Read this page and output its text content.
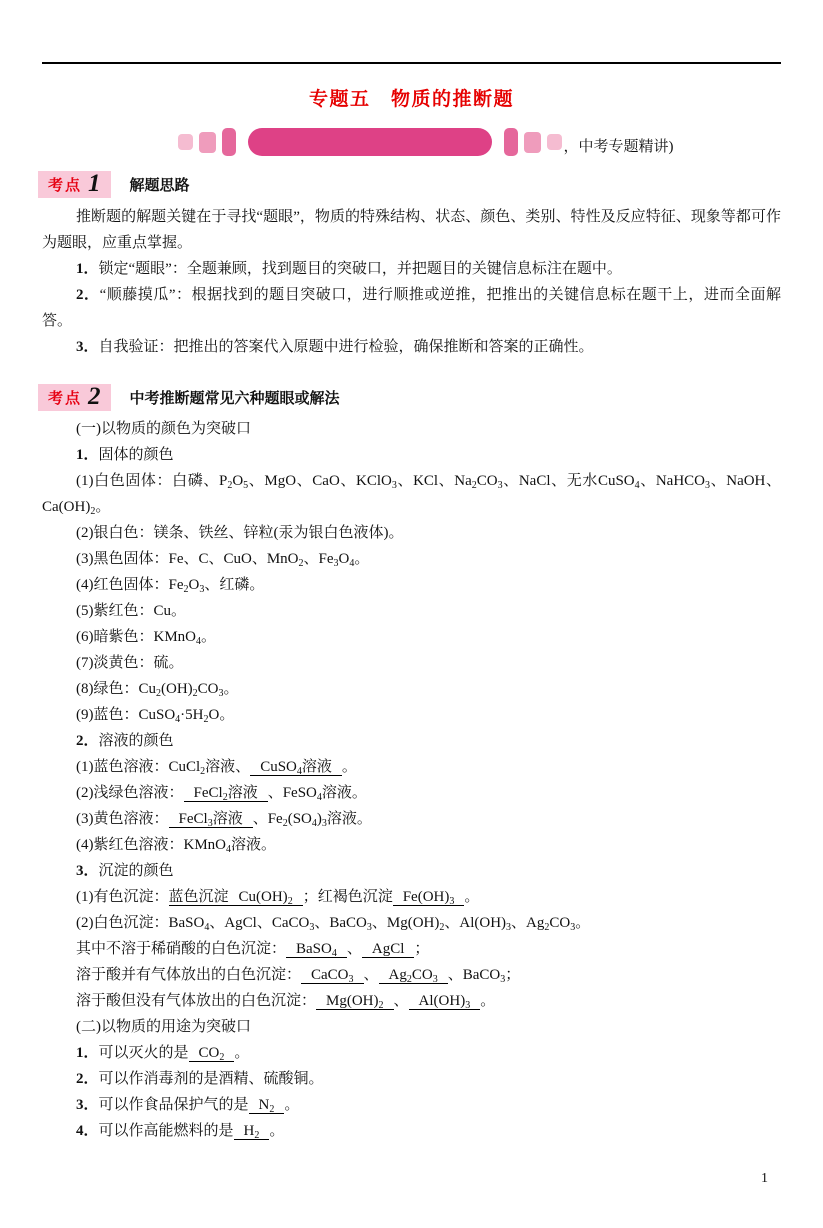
专题五　物质的推断题
，中考专题精讲)
考点 1 解题思路

推断题的解题关键在于寻找“题眼”，物质的特殊结构、状态、颜色、类别、特性及反应特征、现象等都可作为题眼，应重点掌握。

1．锁定“题眼”：全题兼顾，找到题目的突破口，并把题目的关键信息标注在题中。

2．“顺藤摸瓜”：根据找到的题目突破口，进行顺推或逆推，把推出的关键信息标在题干上，进而全面解答。

3．自我验证：把推出的答案代入原题中进行检验，确保推断和答案的正确性。

考点 2 中考推断题常见六种题眼或解法

(一)以物质的颜色为突破口

1．固体的颜色

(1)白色固体：白磷、$P_2O_5$、MgO、CaO、KClO$_3$、KCl、$Na_2CO_3$、NaCl、无水CuSO$_4$、NaHCO$_3$、NaOH、$Ca(OH)_2$。

(2)银白色：镁条、铁丝、锌粒(汞为银白色液体)。

(3)黑色固体：Fe、C、CuO、MnO$_2$、$Fe_3O_4$。

(4)红色固体：$Fe_2O_3$、红磷。

(5)紫红色：Cu。

(6)暗紫色：KMnO$_4$。

(7)淡黄色：硫。

(8)绿色：$Cu_2(OH)_2CO_3$。

(9)蓝色：$CuSO_4\cdot 5H_2O$。

2．溶液的颜色

(1)蓝色溶液：CuCl$_2$溶液、 CuSO$_4$溶液 。

(2)浅绿色溶液： FeCl$_2$溶液 、FeSO$_4$溶液。

(3)黄色溶液： FeCl$_3$溶液 、$Fe_2(SO_4)_3$溶液。

(4)紫红色溶液：KMnO$_4$溶液。

3．沉淀的颜色

(1)有色沉淀：蓝色沉淀 $Cu(OH)_2$ ；红褐色沉淀 $Fe(OH)_3$ 。

(2)白色沉淀：BaSO$_4$、AgCl、CaCO$_3$、BaCO$_3$、$Mg(OH)_2$、$Al(OH)_3$、$Ag_2CO_3$。

其中不溶于稀硝酸的白色沉淀： BaSO$_4$ 、 AgCl ；

溶于酸并有气体放出的白色沉淀： CaCO$_3$ 、 $Ag_2CO_3$ 、BaCO$_3$；

溶于酸但没有气体放出的白色沉淀： $Mg(OH)_2$ 、 $Al(OH)_3$ 。

(二)以物质的用途为突破口

1．可以灭火的是 $CO_2$ 。

2．可以作消毒剂的是酒精、硫酸铜。

3．可以作食品保护气的是 $N_2$ 。

4．可以作高能燃料的是 $H_2$ 。

1
